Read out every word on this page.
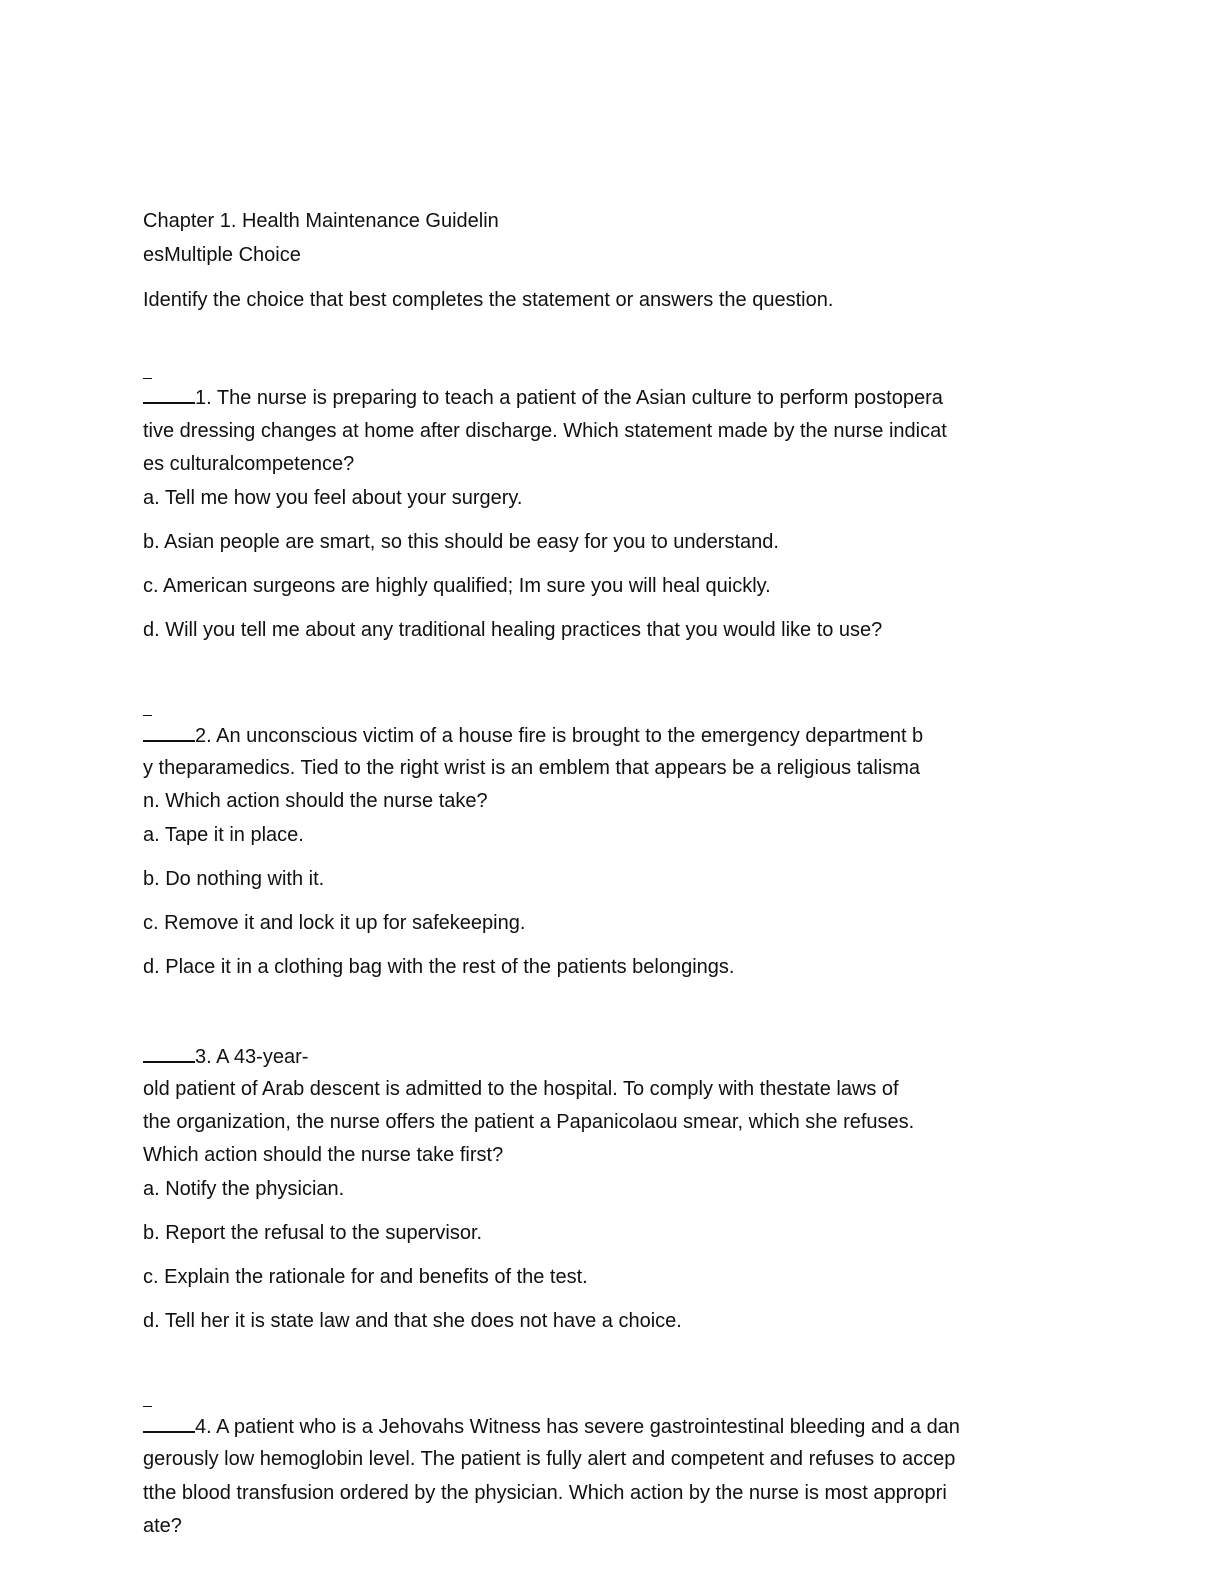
Chapter 1. Health Maintenance Guidelin
esMultiple Choice
Identify the choice that best completes the statement or answers the question.
1. The nurse is preparing to teach a patient of the Asian culture to perform postopera
tive dressing changes at home after discharge. Which statement made by the nurse indicat
es culturalcompetence?
a. Tell me how you feel about your surgery.
b. Asian people are smart, so this should be easy for you to understand.
c. American surgeons are highly qualified; Im sure you will heal quickly.
d. Will you tell me about any traditional healing practices that you would like to use?
2. An unconscious victim of a house fire is brought to the emergency department b
y theparamedics. Tied to the right wrist is an emblem that appears be a religious talisma
n. Which action should the nurse take?
a. Tape it in place.
b. Do nothing with it.
c. Remove it and lock it up for safekeeping.
d. Place it in a clothing bag with the rest of the patients belongings.
3. A 43-year-
old patient of Arab descent is admitted to the hospital. To comply with thestate laws of
the organization, the nurse offers the patient a Papanicolaou smear, which she refuses.
Which action should the nurse take first?
a. Notify the physician.
b. Report the refusal to the supervisor.
c. Explain the rationale for and benefits of the test.
d. Tell her it is state law and that she does not have a choice.
4. A patient who is a Jehovahs Witness has severe gastrointestinal bleeding and a dan
gerously low hemoglobin level. The patient is fully alert and competent and refuses to accep
tthe blood transfusion ordered by the physician. Which action by the nurse is most appropri
ate?
